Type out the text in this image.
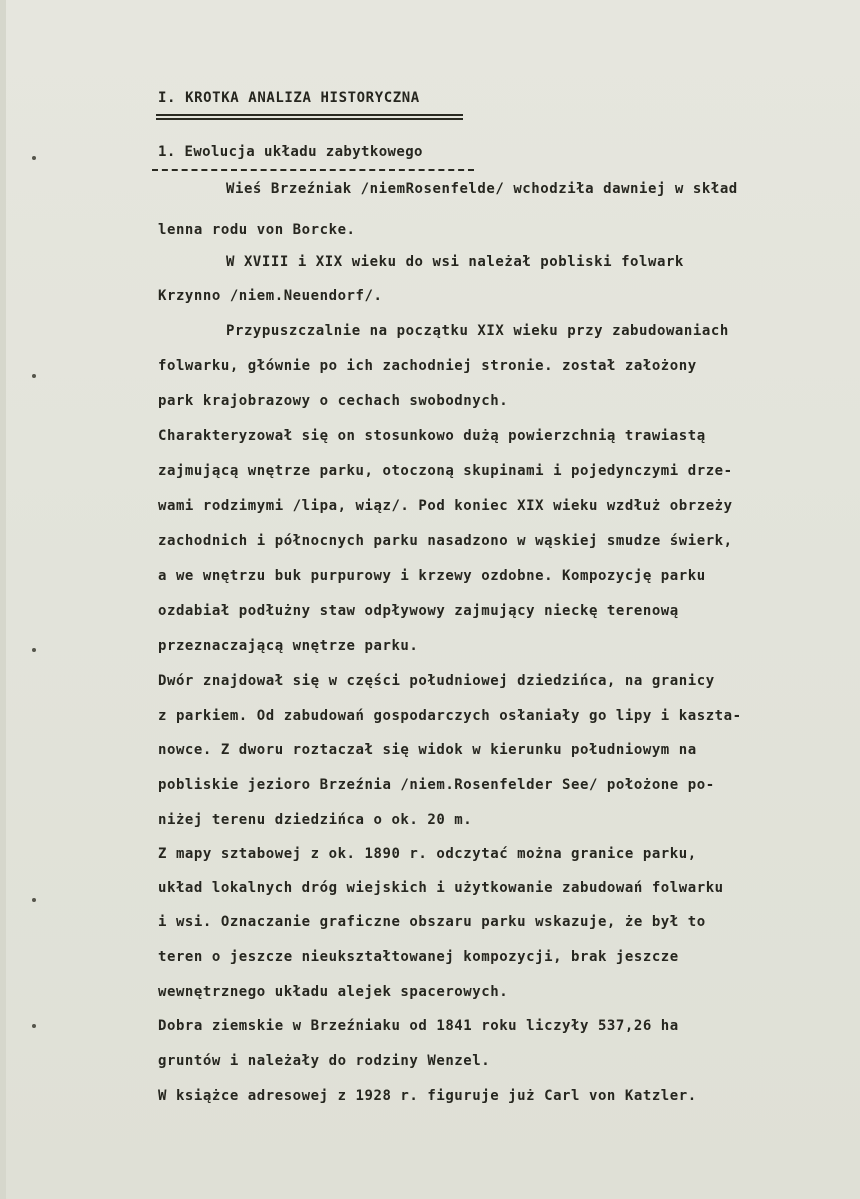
I. KROTKA ANALIZA HISTORYCZNA
1. Ewolucja układu zabytkowego
Wieś Brzeźniak /niemRosenfelde/ wchodziła dawniej w skład
lenna rodu von Borcke.
W XVIII i XIX wieku do wsi należał pobliski folwark
Krzynno /niem.Neuendorf/.
Przypuszczalnie na początku XIX wieku przy zabudowaniach
folwarku, głównie po ich zachodniej stronie. został założony
park krajobrazowy o cechach swobodnych.
Charakteryzował się on stosunkowo dużą powierzchnią trawiastą
zajmującą wnętrze parku, otoczoną skupinami i pojedynczymi drze-
wami rodzimymi /lipa, wiąz/. Pod koniec XIX wieku wzdłuż obrzeży
zachodnich i północnych parku nasadzono w wąskiej smudze świerk,
a we wnętrzu buk purpurowy i krzewy ozdobne. Kompozycję parku
ozdabiał podłużny staw odpływowy zajmujący nieckę terenową
przeznaczającą wnętrze parku.
Dwór znajdował się w części południowej dziedzińca, na granicy
z parkiem. Od zabudowań gospodarczych osłaniały go lipy i kaszta-
nowce. Z dworu roztaczał się widok w kierunku południowym na
pobliskie jezioro Brzeźnia /niem.Rosenfelder See/ położone po-
niżej terenu dziedzińca o ok. 20 m.
Z mapy sztabowej z ok. 1890 r. odczytać można granice parku,
układ lokalnych dróg wiejskich i użytkowanie zabudowań folwarku
i wsi. Oznaczanie graficzne obszaru parku wskazuje, że był to
teren o jeszcze nieukształtowanej kompozycji, brak jeszcze
wewnętrznego układu alejek spacerowych.
Dobra ziemskie w Brzeźniaku od 1841 roku liczyły 537,26 ha
gruntów i należały do rodziny Wenzel.
W książce adresowej z 1928 r. figuruje już Carl von Katzler.
